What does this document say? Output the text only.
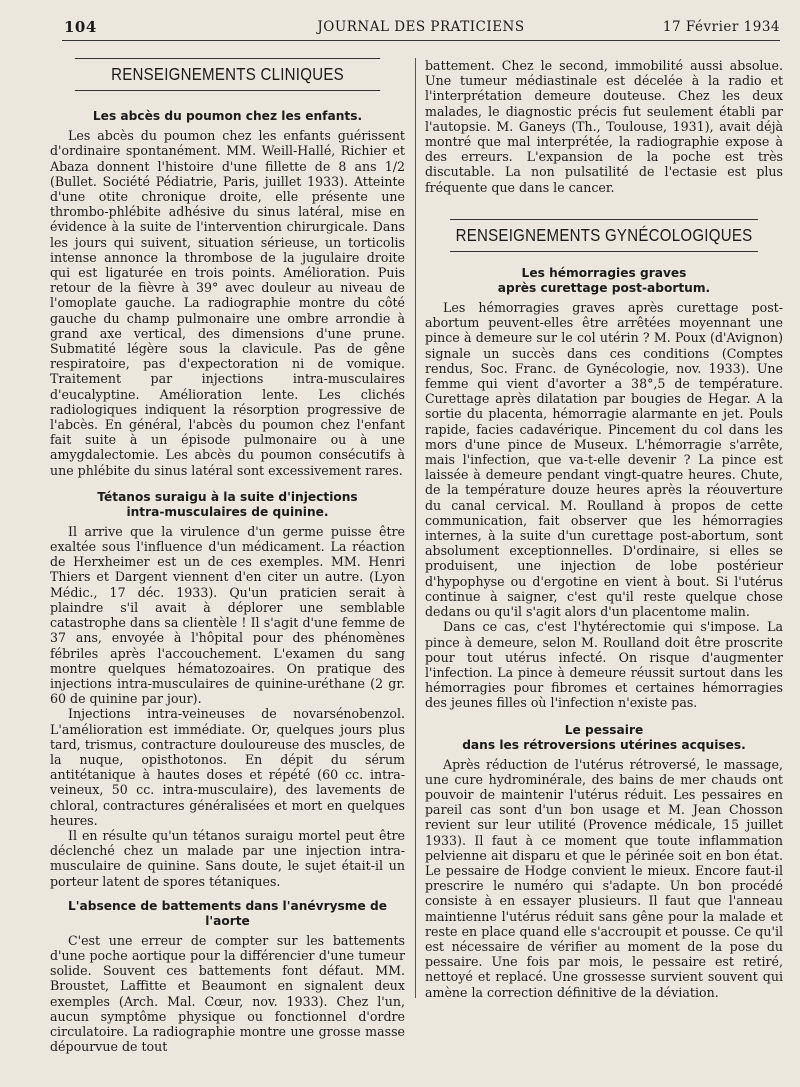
104	JOURNAL DES PRATICIENS	17 Février 1934
RENSEIGNEMENTS CLINIQUES
Les abcès du poumon chez les enfants.

Les abcès du poumon chez les enfants guérissent d'ordinaire spontanément. MM. Weill-Hallé, Richier et Abaza donnent l'histoire d'une fillette de 8 ans 1/2 (Bullet. Société Pédiatrie, Paris, juillet 1933). Atteinte d'une otite chronique droite, elle présente une thrombo-phlébite adhésive du sinus latéral, mise en évidence à la suite de l'intervention chirurgicale. Dans les jours qui suivent, situation sérieuse, un torticolis intense annonce la thrombose de la jugulaire droite qui est ligaturée en trois points. Amélioration. Puis retour de la fièvre à 39° avec douleur au niveau de l'omoplate gauche. La radiographie montre du côté gauche du champ pulmonaire une ombre arrondie à grand axe vertical, des dimensions d'une prune. Submatité légère sous la clavicule. Pas de gêne respiratoire, pas d'expectoration ni de vomique. Traitement par injections intra-musculaires d'eucalyptine. Amélioration lente. Les clichés radiologiques indiquent la résorption progressive de l'abcès. En général, l'abcès du poumon chez l'enfant fait suite à un épisode pulmonaire ou à une amygdalectomie. Les abcès du poumon consécutifs à une phlébite du sinus latéral sont excessivement rares.

Tétanos suraigu à la suite d'injections
intra-musculaires de quinine.

Il arrive que la virulence d'un germe puisse être exaltée sous l'influence d'un médicament. La réaction de Herxheimer est un de ces exemples. MM. Henri Thiers et Dargent viennent d'en citer un autre. (Lyon Médic., 17 déc. 1933). Qu'un praticien serait à plaindre s'il avait à déplorer une semblable catastrophe dans sa clientèle ! Il s'agit d'une femme de 37 ans, envoyée à l'hôpital pour des phénomènes fébriles après l'accouchement. L'examen du sang montre quelques hématozoaires. On pratique des injections intra-musculaires de quinine-uréthane (2 gr. 60 de quinine par jour).

Injections intra-veineuses de novarsénobenzol. L'amélioration est immédiate. Or, quelques jours plus tard, trismus, contracture douloureuse des muscles, de la nuque, opisthotonos. En dépit du sérum antitétanique à hautes doses et répété (60 cc. intra-veineux, 50 cc. intra-musculaire), des lavements de chloral, contractures généralisées et mort en quelques heures.

Il en résulte qu'un tétanos suraigu mortel peut être déclenché chez un malade par une injection intra-musculaire de quinine. Sans doute, le sujet était-il un porteur latent de spores tétaniques.

L'absence de battements dans l'anévrysme de l'aorte

C'est une erreur de compter sur les battements d'une poche aortique pour la différencier d'une tumeur solide. Souvent ces battements font défaut. MM. Broustet, Laffitte et Beaumont en signalent deux exemples (Arch. Mal. Cœur, nov. 1933). Chez l'un, aucun symptôme physique ou fonctionnel d'ordre circulatoire. La radiographie montre une grosse masse dépourvue de tout

battement. Chez le second, immobilité aussi absolue. Une tumeur médiastinale est décelée à la radio et l'interprétation demeure douteuse. Chez les deux malades, le diagnostic précis fut seulement établi par l'autopsie. M. Ganeys (Th., Toulouse, 1931), avait déjà montré que mal interprétée, la radiographie expose à des erreurs. L'expansion de la poche est très discutable. La non pulsatilité de l'ectasie est plus fréquente que dans le cancer.

RENSEIGNEMENTS GYNÉCOLOGIQUES
Les hémorragies graves
après curettage post-abortum.

Les hémorragies graves après curettage post-abortum peuvent-elles être arrêtées moyennant une pince à demeure sur le col utérin ? M. Poux (d'Avignon) signale un succès dans ces conditions (Comptes rendus, Soc. Franc. de Gynécologie, nov. 1933). Une femme qui vient d'avorter a 38°,5 de température. Curettage après dilatation par bougies de Hegar. A la sortie du placenta, hémorragie alarmante en jet. Pouls rapide, facies cadavérique. Pincement du col dans les mors d'une pince de Museux. L'hémorragie s'arrête, mais l'infection, que va-t-elle devenir ? La pince est laissée à demeure pendant vingt-quatre heures. Chute, de la température douze heures après la réouverture du canal cervical. M. Roulland à propos de cette communication, fait observer que les hémorragies internes, à la suite d'un curettage post-abortum, sont absolument exceptionnelles. D'ordinaire, si elles se produisent, une injection de lobe postérieur d'hypophyse ou d'ergotine en vient à bout. Si l'utérus continue à saigner, c'est qu'il reste quelque chose dedans ou qu'il s'agit alors d'un placentome malin.

Dans ce cas, c'est l'hytérectomie qui s'impose. La pince à demeure, selon M. Roulland doit être proscrite pour tout utérus infecté. On risque d'augmenter l'infection. La pince à demeure réussit surtout dans les hémorragies pour fibromes et certaines hémorragies des jeunes filles où l'infection n'existe pas.

Le pessaire
dans les rétroversions utérines acquises.

Après réduction de l'utérus rétroversé, le massage, une cure hydrominérale, des bains de mer chauds ont pouvoir de maintenir l'utérus réduit. Les pessaires en pareil cas sont d'un bon usage et M. Jean Chosson revient sur leur utilité (Provence médicale, 15 juillet 1933). Il faut à ce moment que toute inflammation pelvienne ait disparu et que le périnée soit en bon état. Le pessaire de Hodge convient le mieux. Encore faut-il prescrire le numéro qui s'adapte. Un bon procédé consiste à en essayer plusieurs. Il faut que l'anneau maintienne l'utérus réduit sans gêne pour la malade et reste en place quand elle s'accroupit et pousse. Ce qu'il est nécessaire de vérifier au moment de la pose du pessaire. Une fois par mois, le pessaire est retiré, nettoyé et replacé. Une grossesse survient souvent qui amène la correction définitive de la déviation.
